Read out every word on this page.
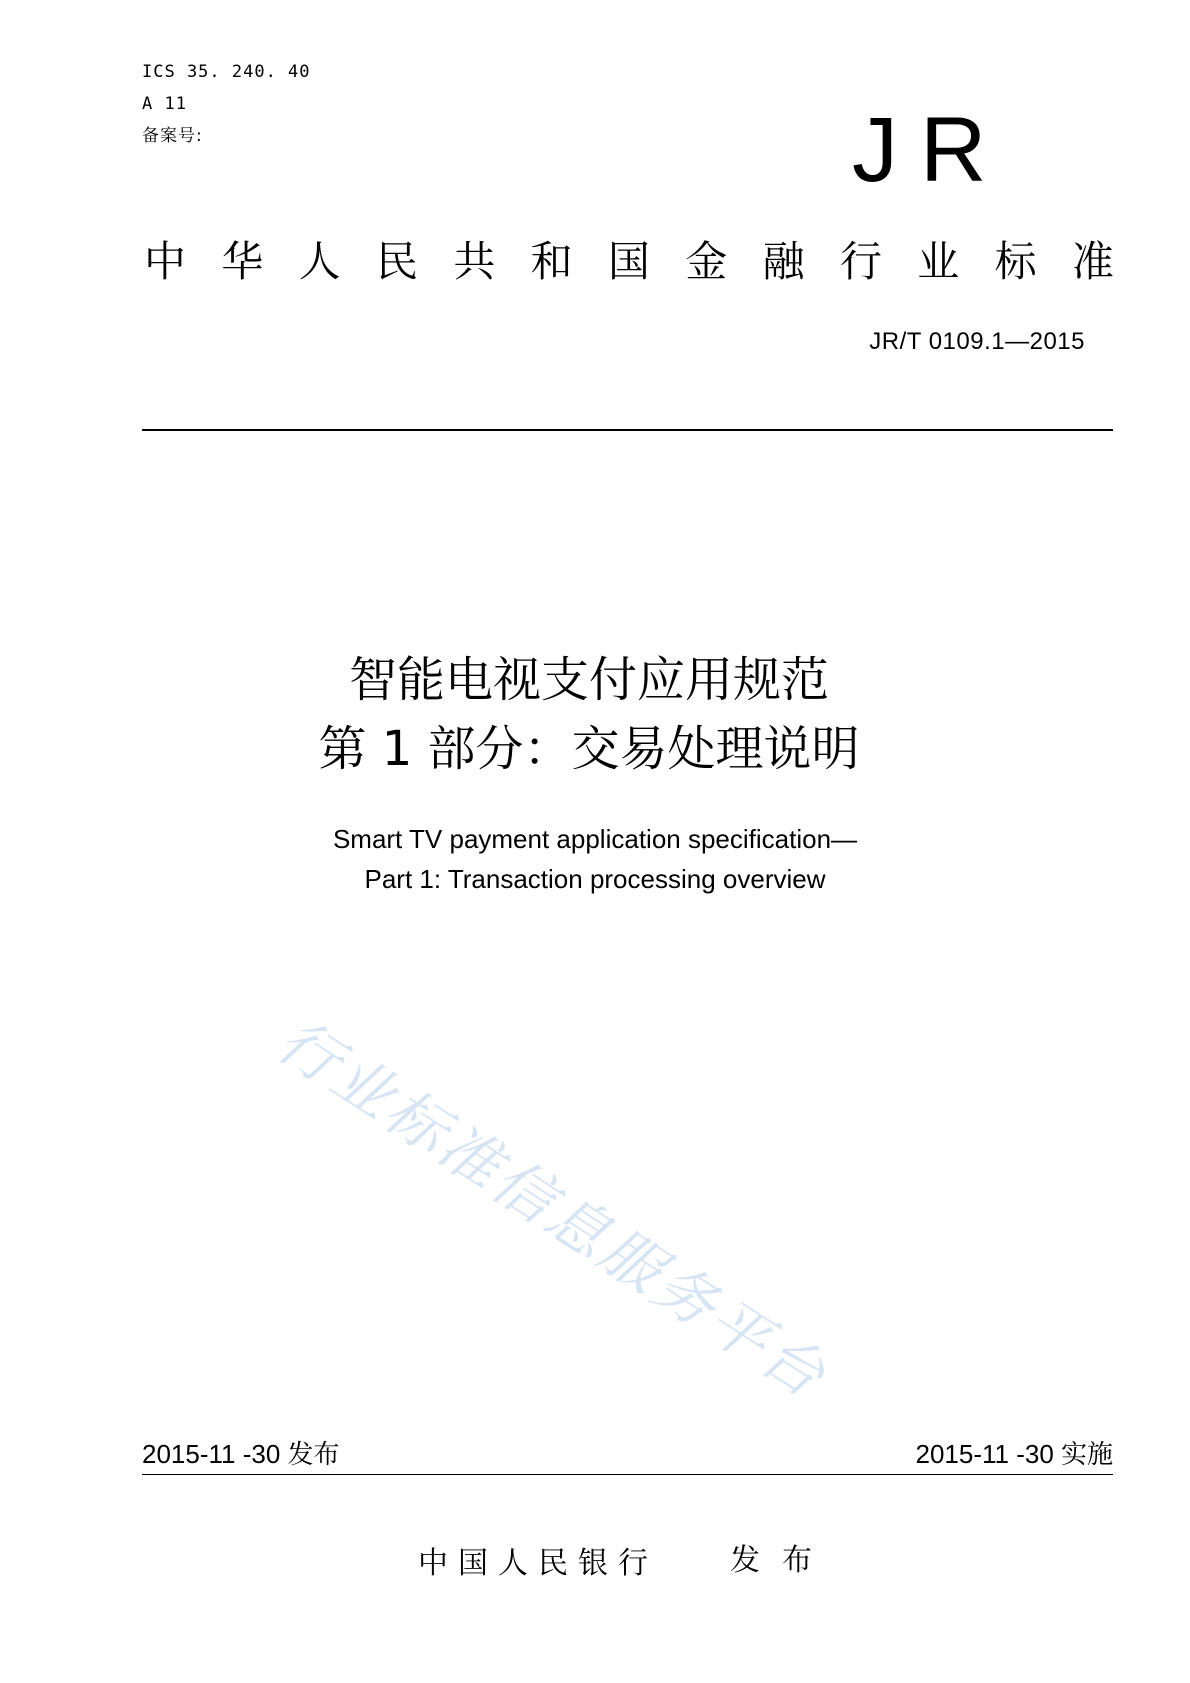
ICS 35. 240. 40
A 11
备案号:	JR
中 华 人 民 共 和 国 金 融 行 业 标 准
JR/T 0109.1—2015
智能电视支付应用规范
第 1 部分：交易处理说明
Smart TV payment application specification—
Part 1: Transaction processing overview
行业标准信息服务平台
2015-11 -30 发布	2015-11 -30 实施
中国人民银行 发布
